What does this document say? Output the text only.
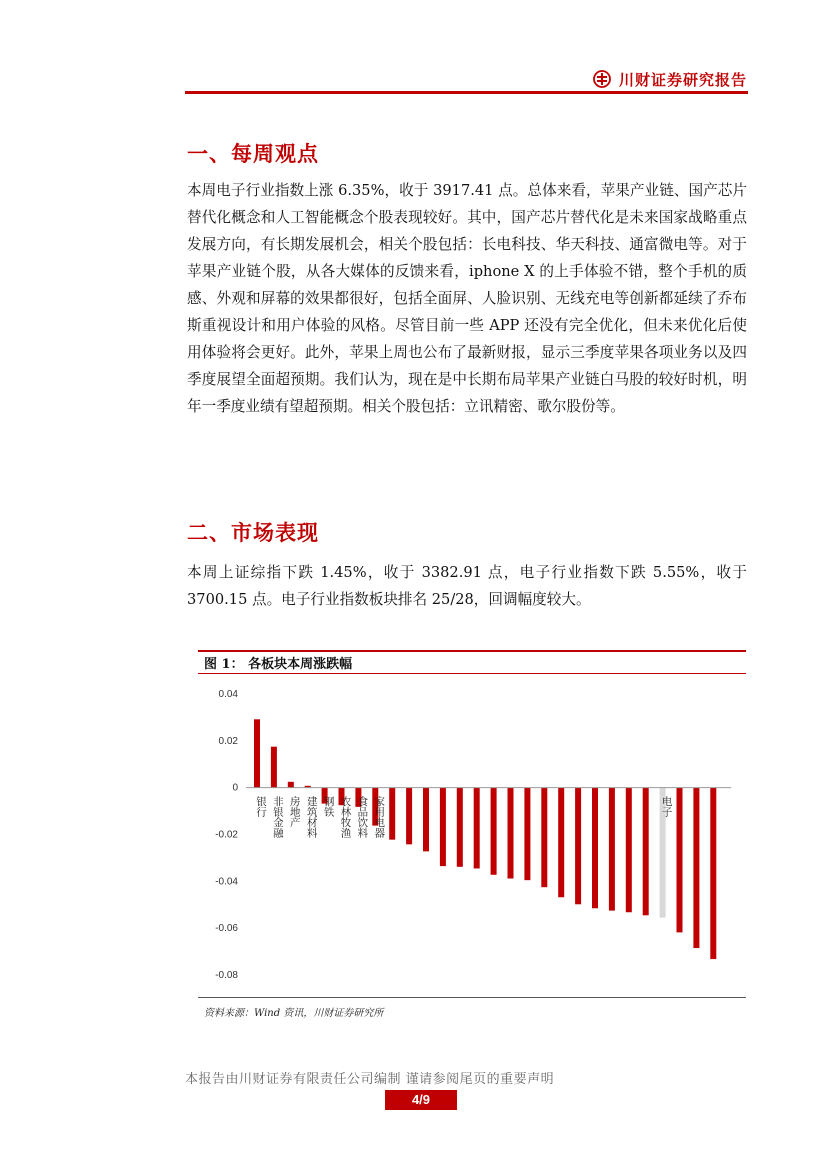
川财证券研究报告
一、每周观点

本周电子行业指数上涨 6.35%，收于 3917.41 点。总体来看，苹果产业链、国产芯片替代化概念和人工智能概念个股表现较好。其中，国产芯片替代化是未来国家战略重点发展方向，有长期发展机会，相关个股包括：长电科技、华天科技、通富微电等。对于苹果产业链个股，从各大媒体的反馈来看，iphone X 的上手体验不错，整个手机的质感、外观和屏幕的效果都很好，包括全面屏、人脸识别、无线充电等创新都延续了乔布斯重视设计和用户体验的风格。尽管目前一些 APP 还没有完全优化，但未来优化后使用体验将会更好。此外，苹果上周也公布了最新财报，显示三季度苹果各项业务以及四季度展望全面超预期。我们认为，现在是中长期布局苹果产业链白马股的较好时机，明年一季度业绩有望超预期。相关个股包括：立讯精密、歌尔股份等。

二、市场表现

本周上证综指下跌 1.45%，收于 3382.91 点，电子行业指数下跌 5.55%，收于 3700.15 点。电子行业指数板块排名 25/28，回调幅度较大。

图 1： 各板块本周涨跌幅
0.04
0.02
0
-0.02
-0.04
-0.06
-0.08
银行 非银金融 房地产 建筑材料 钢铁 农林牧渔 食品饮料 家用电器	电子
资料来源：Wind 资讯，川财证券研究所
本报告由川财证券有限责任公司编制 谨请参阅尾页的重要声明
4/9
